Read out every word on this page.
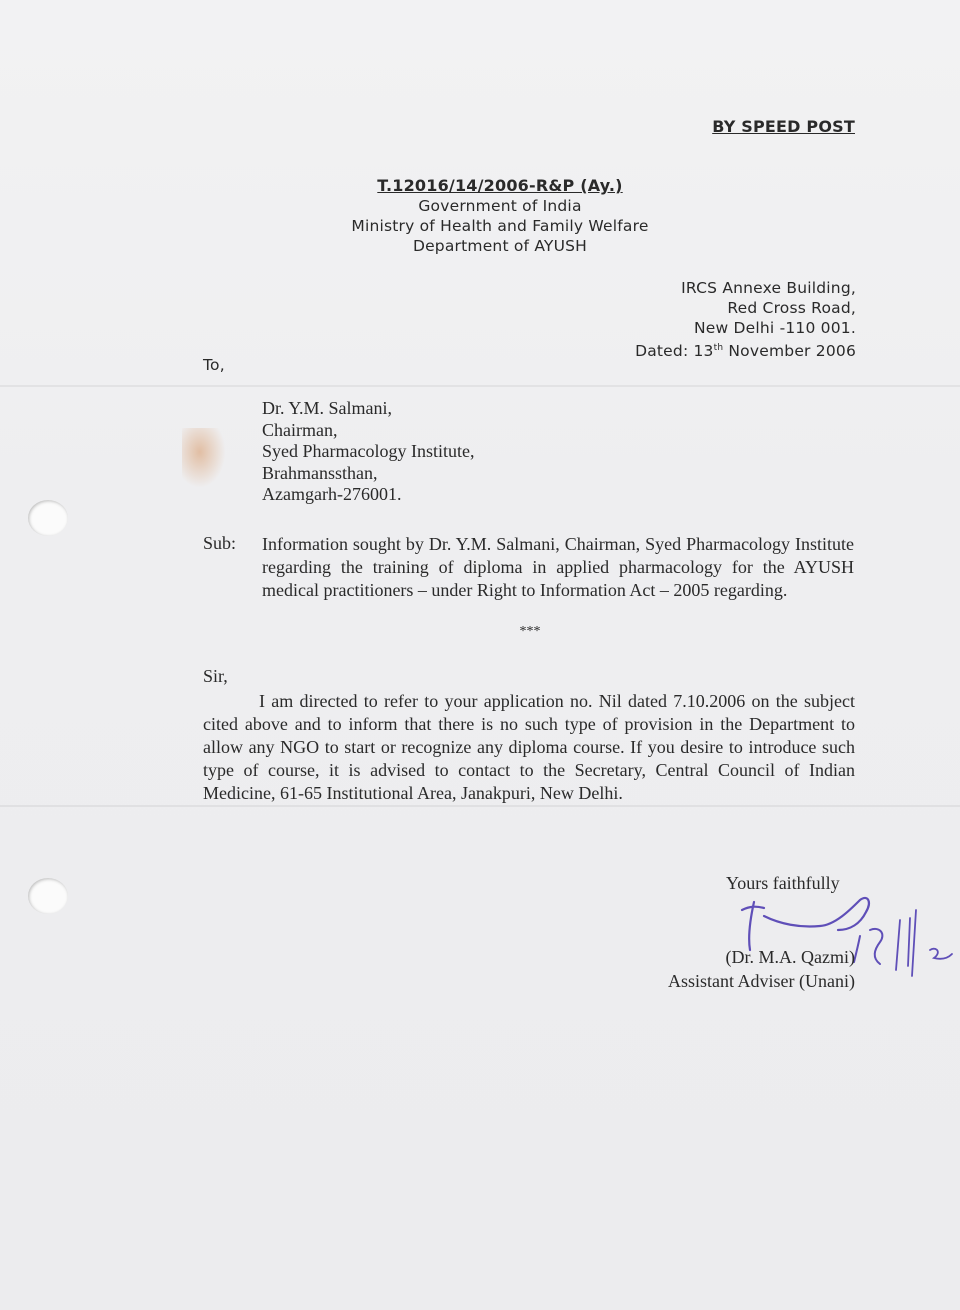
BY SPEED POST
T.12016/14/2006-R&P (Ay.)
Government of India
Ministry of Health and Family Welfare
Department of AYUSH
IRCS Annexe Building,
Red Cross Road,
New Delhi -110 001.
Dated: 13th November 2006
To,
Dr. Y.M. Salmani,
Chairman,
Syed Pharmacology Institute,
Brahmanssthan,
Azamgarh-276001.
Sub: Information sought by Dr. Y.M. Salmani, Chairman, Syed Pharmacology Institute regarding the training of diploma in applied pharmacology for the AYUSH medical practitioners – under Right to Information Act – 2005 regarding.
***
Sir,
I am directed to refer to your application no. Nil dated 7.10.2006 on the subject cited above and to inform that there is no such type of provision in the Department to allow any NGO to start or recognize any diploma course. If you desire to introduce such type of course, it is advised to contact to the Secretary, Central Council of Indian Medicine, 61-65 Institutional Area, Janakpuri, New Delhi.
Yours faithfully
(Dr. M.A. Qazmi)
Assistant Adviser (Unani)
